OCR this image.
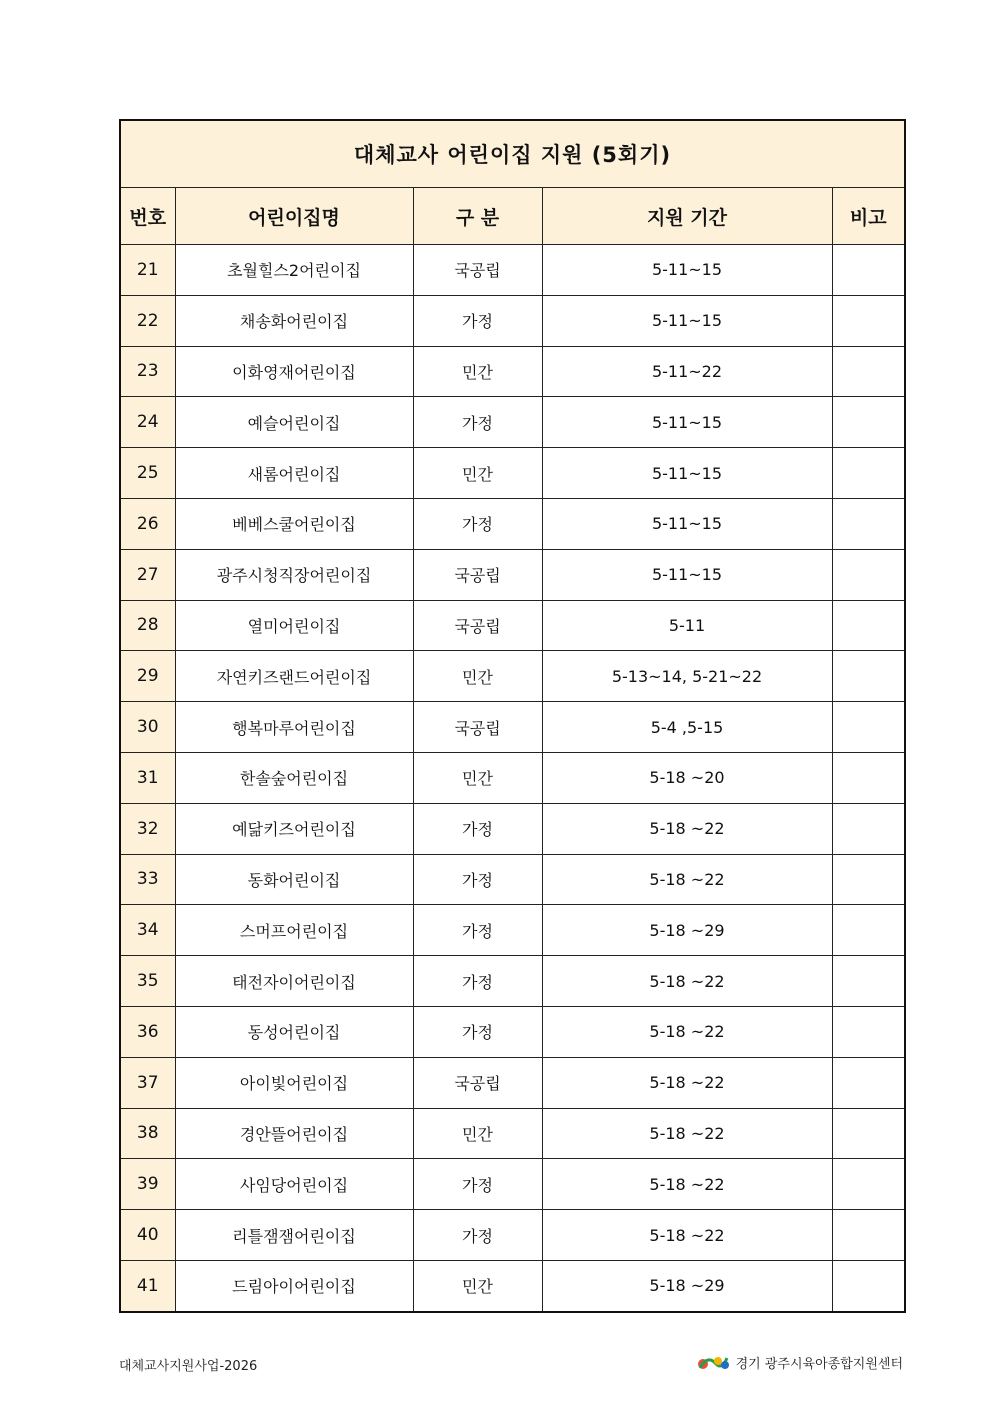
대체교사 어린이집 지원 (5회기)				
번호	어린이집명	구 분	지원 기간	비고
21	초월힐스2어린이집	국공립	5-11~15	
22	채송화어린이집	가정	5-11~15	
23	이화영재어린이집	민간	5-11~22	
24	예슬어린이집	가정	5-11~15	
25	새롬어린이집	민간	5-11~15	
26	베베스쿨어린이집	가정	5-11~15	
27	광주시청직장어린이집	국공립	5-11~15	
28	열미어린이집	국공립	5-11	
29	자연키즈랜드어린이집	민간	5-13~14, 5-21~22	
30	행복마루어린이집	국공립	5-4 ,5-15	
31	한솔숲어린이집	민간	5-18 ~20	
32	예닮키즈어린이집	가정	5-18 ~22	
33	동화어린이집	가정	5-18 ~22	
34	스머프어린이집	가정	5-18 ~29	
35	태전자이어린이집	가정	5-18 ~22	
36	동성어린이집	가정	5-18 ~22	
37	아이빛어린이집	국공립	5-18 ~22	
38	경안뜰어린이집	민간	5-18 ~22	
39	사임당어린이집	가정	5-18 ~22	
40	리틀잼잼어린이집	가정	5-18 ~22	
41	드림아이어린이집	민간	5-18 ~29	
대체교사지원사업-2026	경기 광주시육아종합지원센터
